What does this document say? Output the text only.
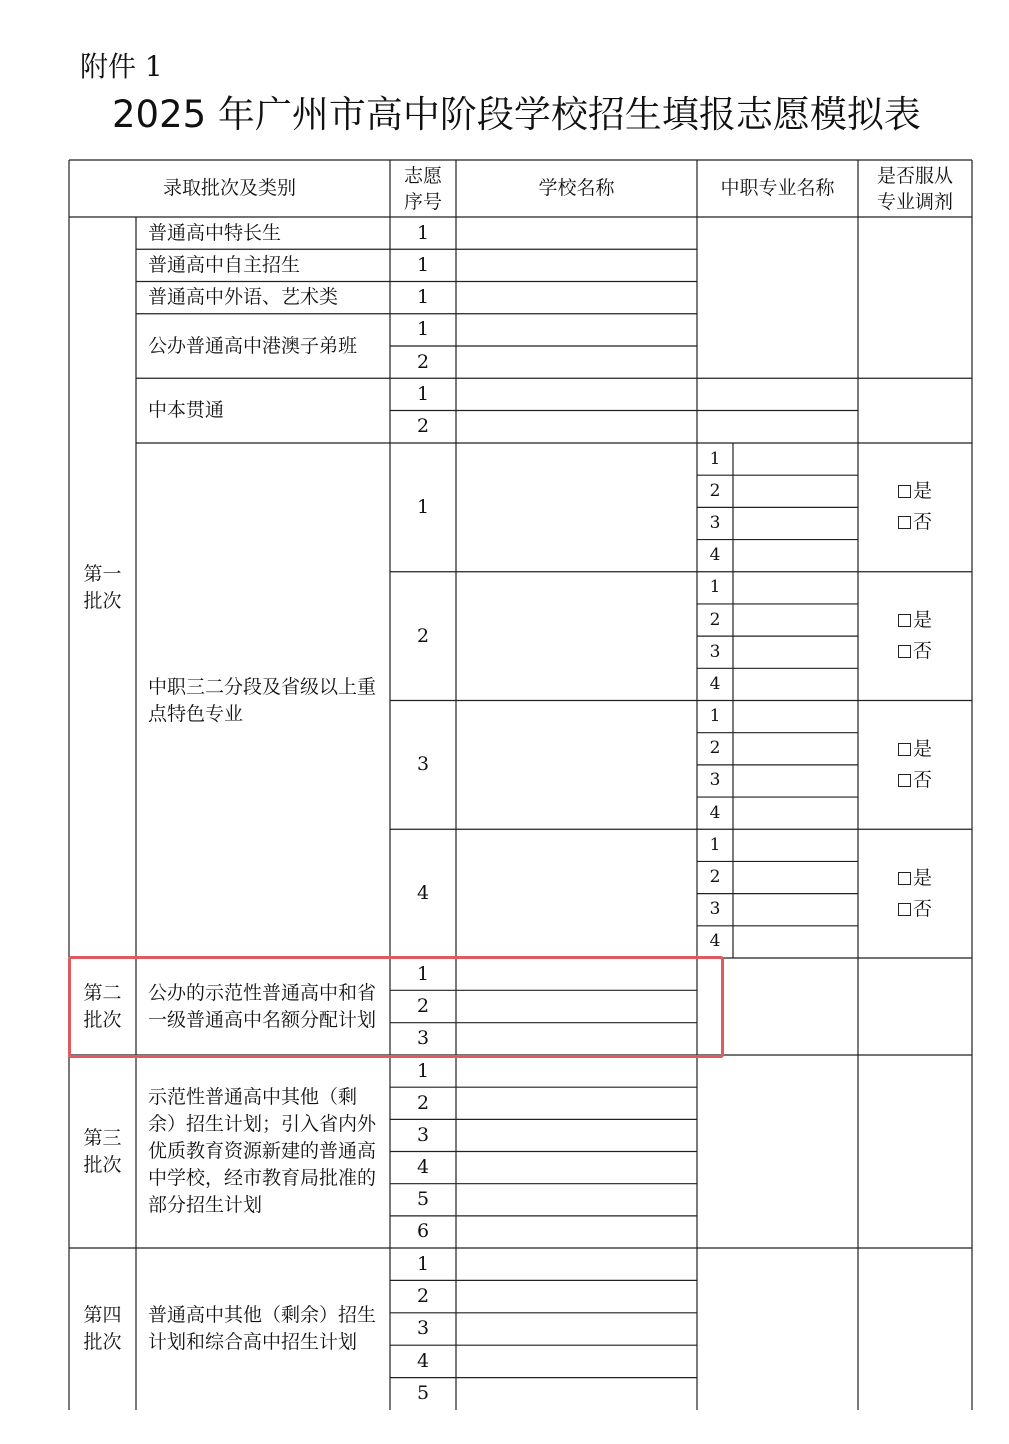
附件 1
2025 年广州市高中阶段学校招生填报志愿模拟表
录取批次及类别
志愿序号
学校名称	中职专业名称
是否服从专业调剂
第一批次
第二批次
第三批次
第四批次
普通高中特长生
普通高中自主招生
普通高中外语、艺术类
公办普通高中港澳子弟班
中本贯通
中职三二分段及省级以上重点特色专业
公办的示范性普通高中和省一级普通高中名额分配计划
示范性普通高中其他（剩余）招生计划；引入省内外优质教育资源新建的普通高中学校，经市教育局批准的部分招生计划
普通高中其他（剩余）招生计划和综合高中招生计划
1
1
1
1
2
1
2
1
1
2
3
4
是
否
2
1
2
3
4
是
否
3
1
2
3
4
是
否
4
1
2
3
4
是
否
1
2
3
1
2
3
4
5
6
1
2
3
4
5
